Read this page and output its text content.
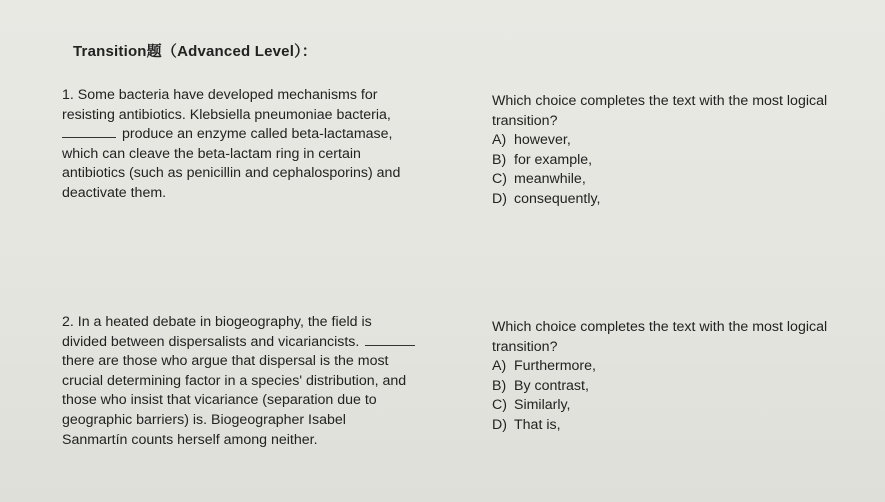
Transition题（Advanced Level）：
1. Some bacteria have developed mechanisms for
resisting antibiotics. Klebsiella pneumoniae bacteria,
produce an enzyme called beta-lactamase,
which can cleave the beta-lactam ring in certain
antibiotics (such as penicillin and cephalosporins) and
deactivate them.
Which choice completes the text with the most logical
transition?
A) however,
B) for example,
C) meanwhile,
D) consequently,
2. In a heated debate in biogeography, the field is
divided between dispersalists and vicariancists.
there are those who argue that dispersal is the most
crucial determining factor in a species' distribution, and
those who insist that vicariance (separation due to
geographic barriers) is. Biogeographer Isabel
Sanmartín counts herself among neither.
Which choice completes the text with the most logical
transition?
A) Furthermore,
B) By contrast,
C) Similarly,
D) That is,
